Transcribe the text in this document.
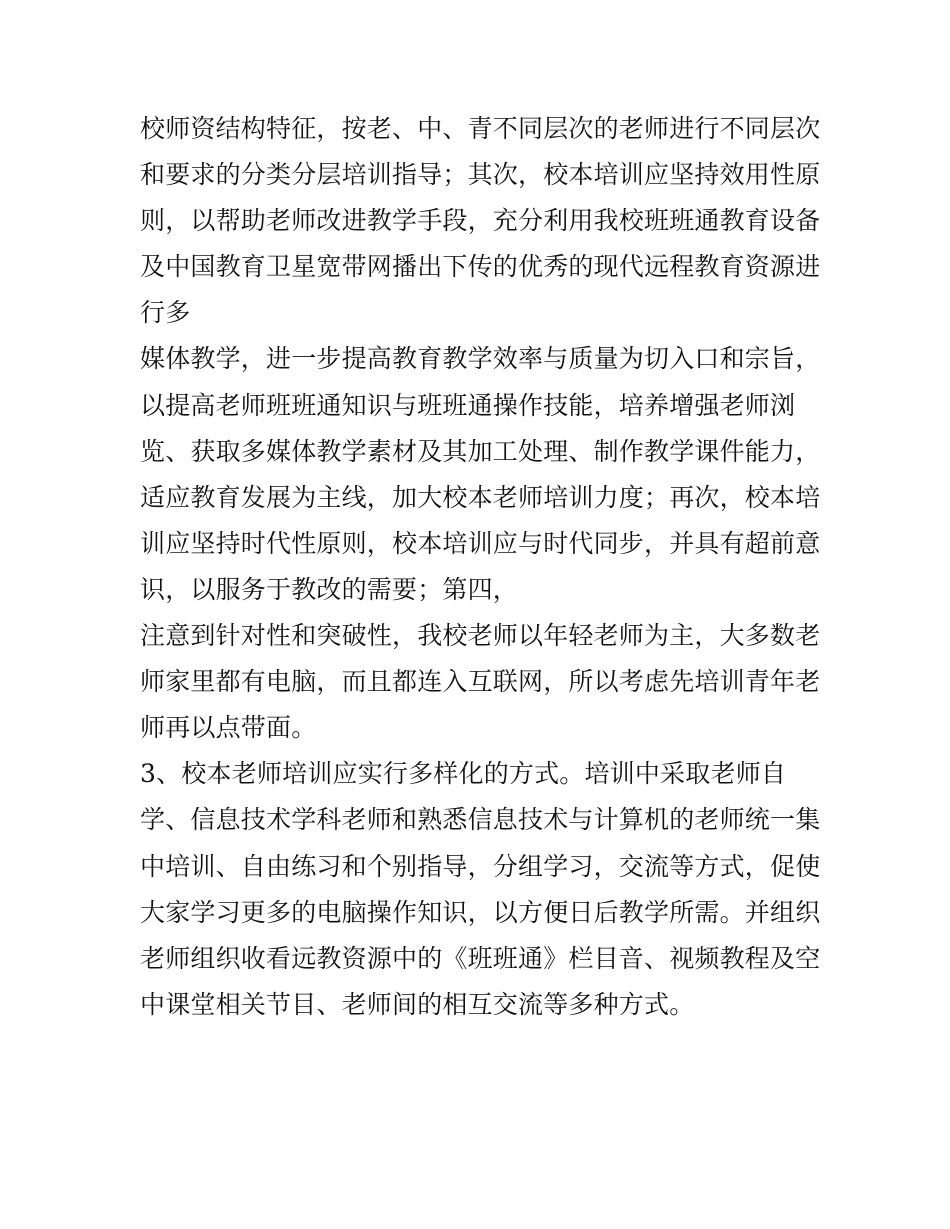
校师资结构特征，按老、中、青不同层次的老师进行不同层次
和要求的分类分层培训指导；其次，校本培训应坚持效用性原
则，以帮助老师改进教学手段，充分利用我校班班通教育设备
及中国教育卫星宽带网播出下传的优秀的现代远程教育资源进
行多
媒体教学，进一步提高教育教学效率与质量为切入口和宗旨，
以提高老师班班通知识与班班通操作技能，培养增强老师浏
览、获取多媒体教学素材及其加工处理、制作教学课件能力，
适应教育发展为主线，加大校本老师培训力度；再次，校本培
训应坚持时代性原则，校本培训应与时代同步，并具有超前意
识，以服务于教改的需要；第四，
注意到针对性和突破性，我校老师以年轻老师为主，大多数老
师家里都有电脑，而且都连入互联网，所以考虑先培训青年老
师再以点带面。
3、校本老师培训应实行多样化的方式。培训中采取老师自
学、信息技术学科老师和熟悉信息技术与计算机的老师统一集
中培训、自由练习和个别指导，分组学习，交流等方式，促使
大家学习更多的电脑操作知识，以方便日后教学所需。并组织
老师组织收看远教资源中的《班班通》栏目音、视频教程及空
中课堂相关节目、老师间的相互交流等多种方式。
